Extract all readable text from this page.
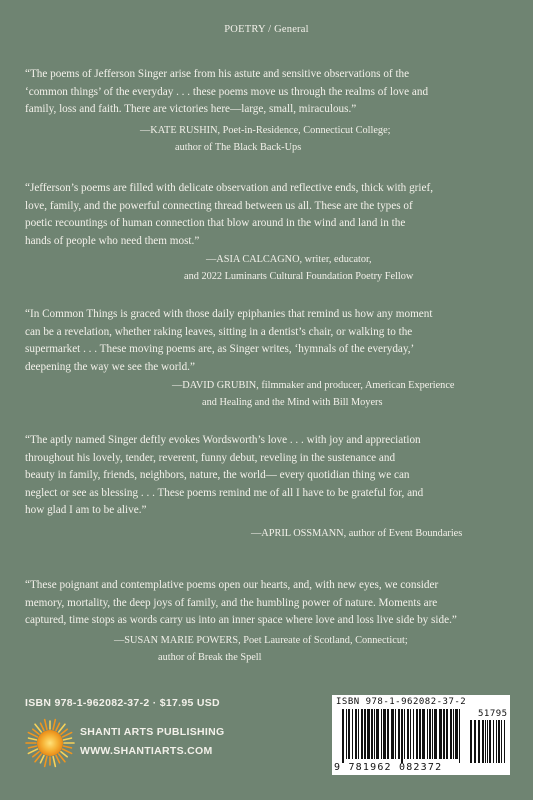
POETRY / General
“The poems of Jefferson Singer arise from his astute and sensitive observations of the
‘common things’ of the everyday . . . these poems move us through the realms of love and
family, loss and faith. There are victories here—large, small, miraculous.”
—KATE RUSHIN, Poet-in-Residence, Connecticut College;
author of The Black Back-Ups
“Jefferson’s poems are filled with delicate observation and reflective ends, thick with grief,
love, family, and the powerful connecting thread between us all. These are the types of
poetic recountings of human connection that blow around in the wind and land in the
hands of people who need them most.”
—ASIA CALCAGNO, writer, educator,
and 2022 Luminarts Cultural Foundation Poetry Fellow
“In Common Things is graced with those daily epiphanies that remind us how any moment
can be a revelation, whether raking leaves, sitting in a dentist’s chair, or walking to the
supermarket . . . These moving poems are, as Singer writes, ‘hymnals of the everyday,’
deepening the way we see the world.”
—DAVID GRUBIN, filmmaker and producer, American Experience
and Healing and the Mind with Bill Moyers
“The aptly named Singer deftly evokes Wordsworth’s love . . . with joy and appreciation
throughout his lovely, tender, reverent, funny debut, reveling in the sustenance and
beauty in family, friends, neighbors, nature, the world— every quotidian thing we can
neglect or see as blessing . . . These poems remind me of all I have to be grateful for, and
how glad I am to be alive.”
—APRIL OSSMANN, author of Event Boundaries
“These poignant and contemplative poems open our hearts, and, with new eyes, we consider
memory, mortality, the deep joys of family, and the humbling power of nature. Moments are
captured, time stops as words carry us into an inner space where love and loss live side by side.”
—SUSAN MARIE POWERS, Poet Laureate of Scotland, Connecticut;
author of Break the Spell
ISBN 978-1-962082-37-2 · $17.95 USD
SHANTI ARTS PUBLISHING
WWW.SHANTIARTS.COM
ISBN 978-1-962082-37-2
51795
9 781962 082372
